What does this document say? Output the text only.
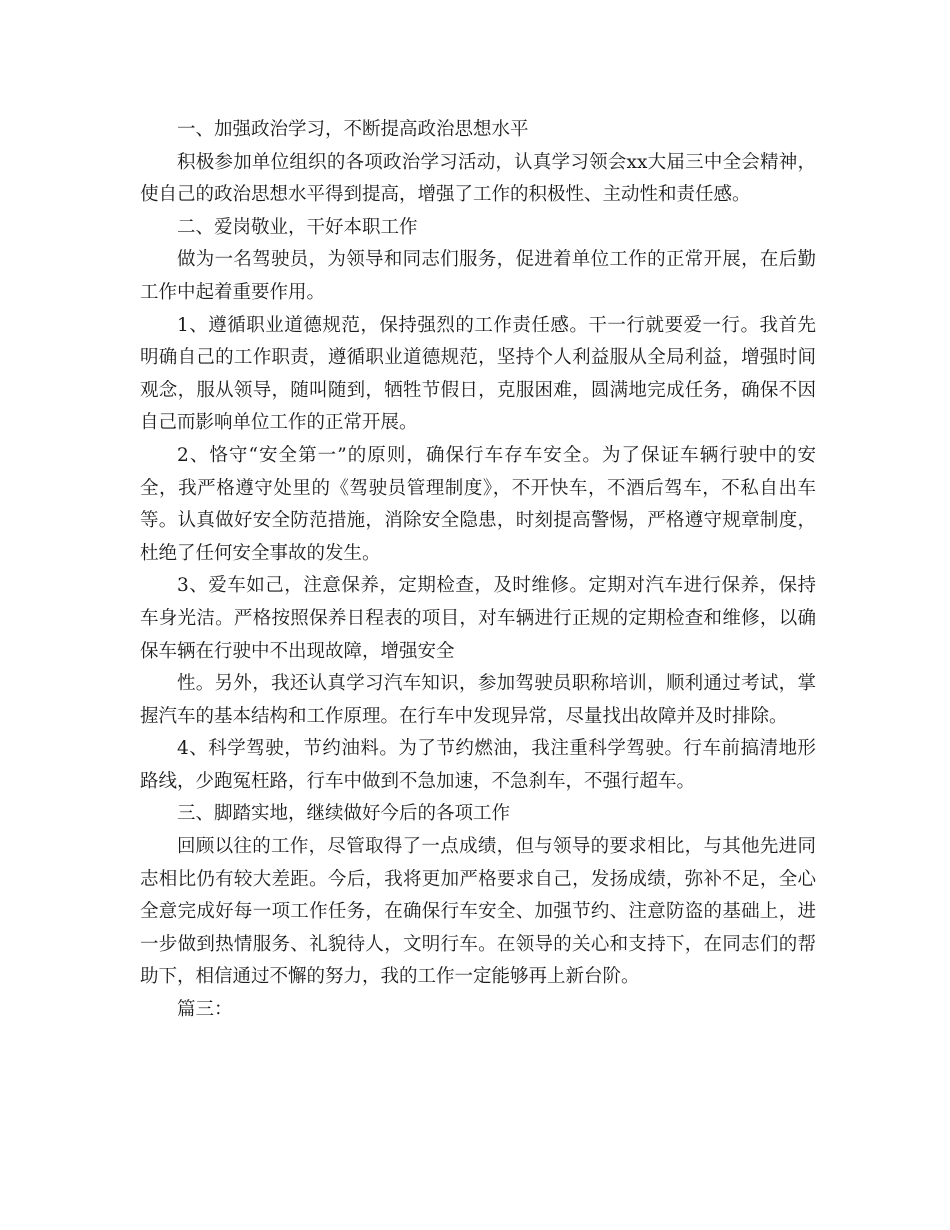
一、加强政治学习，不断提高政治思想水平

积极参加单位组织的各项政治学习活动，认真学习领会xx大届三中全会精神，使自己的政治思想水平得到提高，增强了工作的积极性、主动性和责任感。

二、爱岗敬业，干好本职工作

做为一名驾驶员，为领导和同志们服务，促进着单位工作的正常开展，在后勤工作中起着重要作用。

1、遵循职业道德规范，保持强烈的工作责任感。干一行就要爱一行。我首先明确自己的工作职责，遵循职业道德规范，坚持个人利益服从全局利益，增强时间观念，服从领导，随叫随到，牺牲节假日，克服困难，圆满地完成任务，确保不因自己而影响单位工作的正常开展。

2、恪守“安全第一”的原则，确保行车存车安全。为了保证车辆行驶中的安全，我严格遵守处里的《驾驶员管理制度》，不开快车，不酒后驾车，不私自出车等。认真做好安全防范措施，消除安全隐患，时刻提高警惕，严格遵守规章制度，杜绝了任何安全事故的发生。

3、爱车如己，注意保养，定期检查，及时维修。定期对汽车进行保养，保持车身光洁。严格按照保养日程表的项目，对车辆进行正规的定期检查和维修，以确保车辆在行驶中不出现故障，增强安全

性。另外，我还认真学习汽车知识，参加驾驶员职称培训，顺利通过考试，掌握汽车的基本结构和工作原理。在行车中发现异常，尽量找出故障并及时排除。

4、科学驾驶，节约油料。为了节约燃油，我注重科学驾驶。行车前搞清地形路线，少跑冤枉路，行车中做到不急加速，不急刹车，不强行超车。

三、脚踏实地，继续做好今后的各项工作

回顾以往的工作，尽管取得了一点成绩，但与领导的要求相比，与其他先进同志相比仍有较大差距。今后，我将更加严格要求自己，发扬成绩，弥补不足，全心全意完成好每一项工作任务，在确保行车安全、加强节约、注意防盗的基础上，进一步做到热情服务、礼貌待人，文明行车。在领导的关心和支持下，在同志们的帮助下，相信通过不懈的努力，我的工作一定能够再上新台阶。

篇三：
